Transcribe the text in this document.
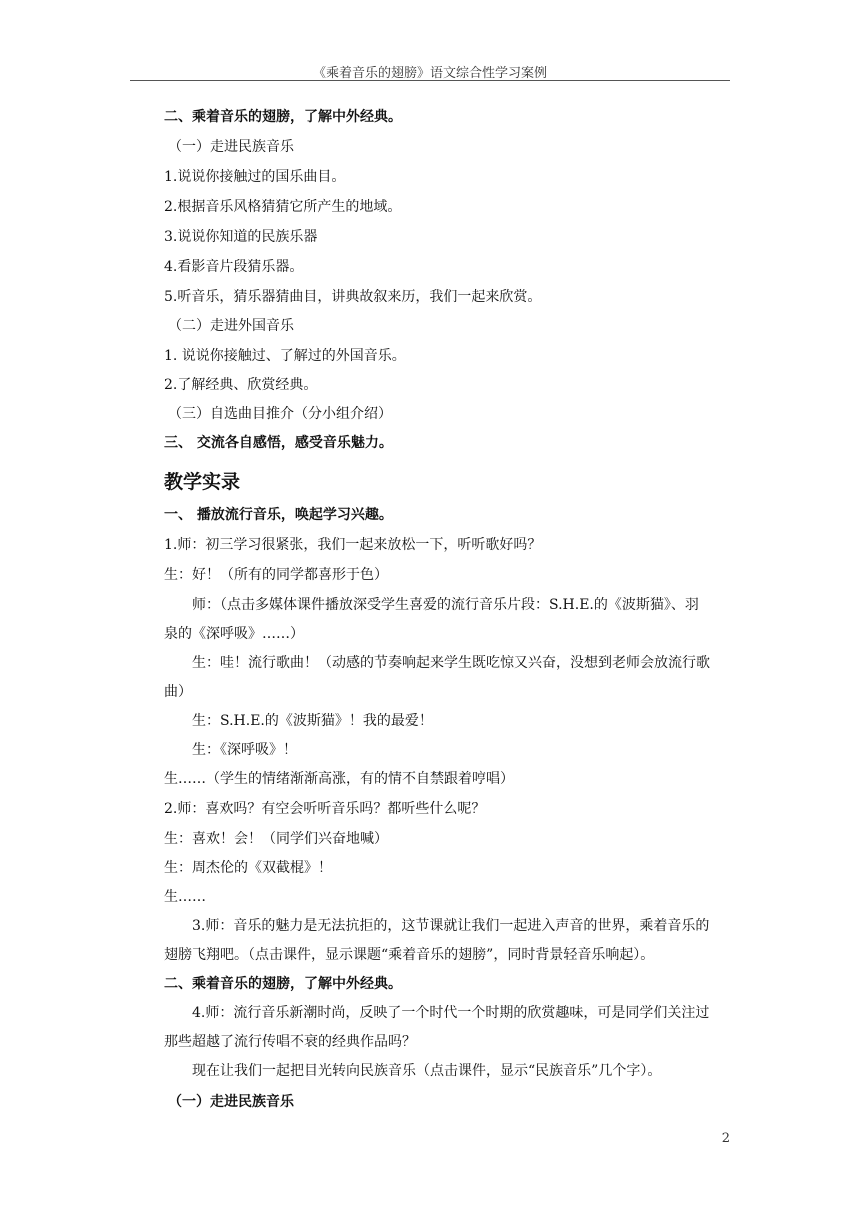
《乘着音乐的翅膀》语文综合性学习案例
二、乘着音乐的翅膀，了解中外经典。
（一）走进民族音乐
1.说说你接触过的国乐曲目。
2.根据音乐风格猜猜它所产生的地域。
3.说说你知道的民族乐器
4.看影音片段猜乐器。
5.听音乐，猜乐器猜曲目，讲典故叙来历，我们一起来欣赏。
（二）走进外国音乐
1. 说说你接触过、了解过的外国音乐。
2.了解经典、欣赏经典。
（三）自选曲目推介（分小组介绍）
三、 交流各自感悟，感受音乐魅力。
教学实录
一、 播放流行音乐，唤起学习兴趣。
1.师：初三学习很紧张，我们一起来放松一下，听听歌好吗？
生：好！（所有的同学都喜形于色）
师：（点击多媒体课件播放深受学生喜爱的流行音乐片段：S.H.E.的《波斯猫》、羽
泉的《深呼吸》……）
生：哇！流行歌曲！（动感的节奏响起来学生既吃惊又兴奋，没想到老师会放流行歌
曲）
生：S.H.E.的《波斯猫》！我的最爱！
生：《深呼吸》！
生……（学生的情绪渐渐高涨，有的情不自禁跟着哼唱）
2.师：喜欢吗？有空会听听音乐吗？都听些什么呢？
生：喜欢！会！（同学们兴奋地喊）
生：周杰伦的《双截棍》！
生……
3.师：音乐的魅力是无法抗拒的，这节课就让我们一起进入声音的世界，乘着音乐的
翅膀飞翔吧。（点击课件，显示课题“乘着音乐的翅膀”，同时背景轻音乐响起）。
二、乘着音乐的翅膀，了解中外经典。
4.师：流行音乐新潮时尚，反映了一个时代一个时期的欣赏趣味，可是同学们关注过
那些超越了流行传唱不衰的经典作品吗？
现在让我们一起把目光转向民族音乐（点击课件，显示“民族音乐”几个字）。
（一）走进民族音乐
2
